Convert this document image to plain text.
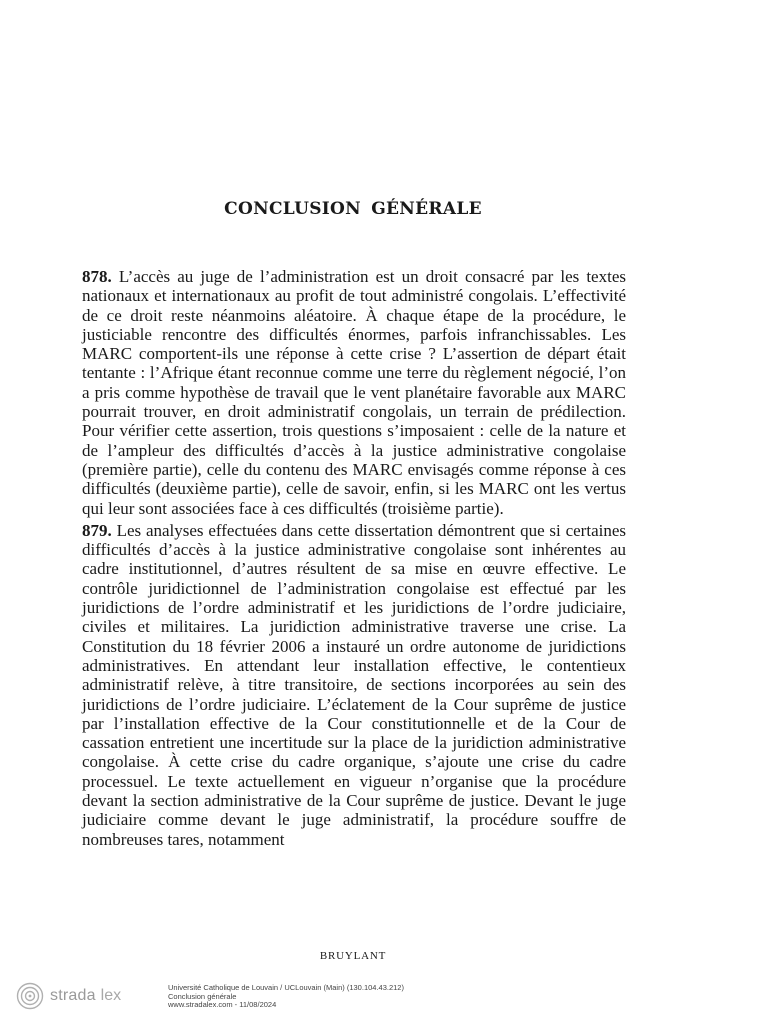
CONCLUSION GÉNÉRALE

878. L’accès au juge de l’administration est un droit consacré par les textes nationaux et internationaux au profit de tout administré congolais. L’effectivité de ce droit reste néanmoins aléatoire. À chaque étape de la procédure, le justiciable rencontre des difficultés énormes, parfois infranchissables. Les MARC comportent-ils une réponse à cette crise ? L’assertion de départ était tentante : l’Afrique étant reconnue comme une terre du règlement négocié, l’on a pris comme hypothèse de travail que le vent planétaire favorable aux MARC pourrait trouver, en droit administratif congolais, un terrain de prédilection. Pour vérifier cette assertion, trois questions s’imposaient : celle de la nature et de l’ampleur des difficultés d’accès à la justice administrative congolaise (première partie), celle du contenu des MARC envisagés comme réponse à ces difficultés (deuxième partie), celle de savoir, enfin, si les MARC ont les vertus qui leur sont associées face à ces difficultés (troisième partie).

879. Les analyses effectuées dans cette dissertation démontrent que si certaines difficultés d’accès à la justice administrative congolaise sont inhérentes au cadre institutionnel, d’autres résultent de sa mise en œuvre effective. Le contrôle juridictionnel de l’administration congolaise est effectué par les juridictions de l’ordre administratif et les juridictions de l’ordre judiciaire, civiles et militaires. La juridiction administrative traverse une crise. La Constitution du 18 février 2006 a instauré un ordre autonome de juridictions administratives. En attendant leur installation effective, le contentieux administratif relève, à titre transitoire, de sections incorporées au sein des juridictions de l’ordre judiciaire. L’éclatement de la Cour suprême de justice par l’installation effective de la Cour constitutionnelle et de la Cour de cassation entretient une incertitude sur la place de la juridiction administrative congolaise. À cette crise du cadre organique, s’ajoute une crise du cadre processuel. Le texte actuellement en vigueur n’organise que la procédure devant la section administrative de la Cour suprême de justice. Devant le juge judiciaire comme devant le juge administratif, la procédure souffre de nombreuses tares, notamment

BRUYLANT
strada lex	Université Catholique de Louvain / UCLouvain (Main) (130.104.43.212)
Conclusion générale
www.stradalex.com - 11/08/2024
